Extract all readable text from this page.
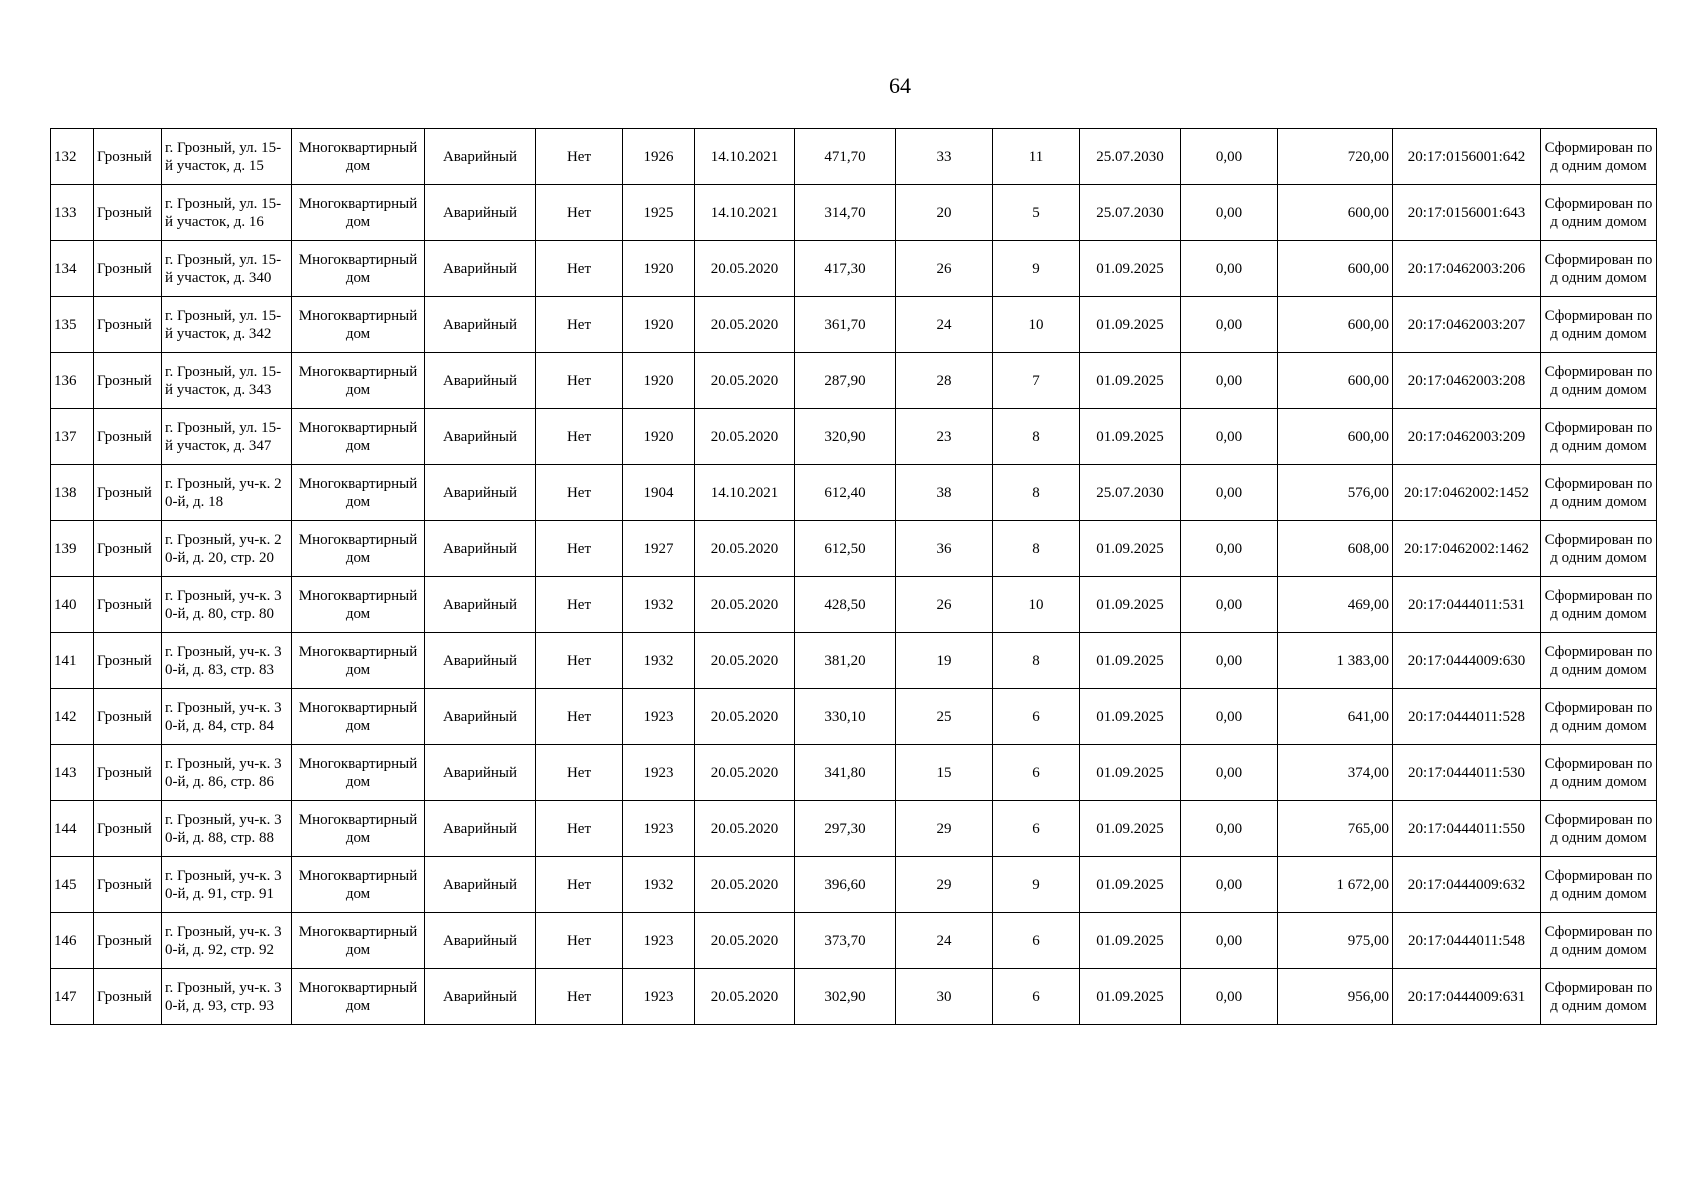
64
132	Грозный	г. Грозный, ул. 15-й участок, д. 15	Многоквартирный дом	Аварийный	Нет	1926	14.10.2021	471,70	33	11	25.07.2030	0,00	720,00	20:17:0156001:642	Сформирован под одним домом
133	Грозный	г. Грозный, ул. 15-й участок, д. 16	Многоквартирный дом	Аварийный	Нет	1925	14.10.2021	314,70	20	5	25.07.2030	0,00	600,00	20:17:0156001:643	Сформирован под одним домом
134	Грозный	г. Грозный, ул. 15-й участок, д. 340	Многоквартирный дом	Аварийный	Нет	1920	20.05.2020	417,30	26	9	01.09.2025	0,00	600,00	20:17:0462003:206	Сформирован под одним домом
135	Грозный	г. Грозный, ул. 15-й участок, д. 342	Многоквартирный дом	Аварийный	Нет	1920	20.05.2020	361,70	24	10	01.09.2025	0,00	600,00	20:17:0462003:207	Сформирован под одним домом
136	Грозный	г. Грозный, ул. 15-й участок, д. 343	Многоквартирный дом	Аварийный	Нет	1920	20.05.2020	287,90	28	7	01.09.2025	0,00	600,00	20:17:0462003:208	Сформирован под одним домом
137	Грозный	г. Грозный, ул. 15-й участок, д. 347	Многоквартирный дом	Аварийный	Нет	1920	20.05.2020	320,90	23	8	01.09.2025	0,00	600,00	20:17:0462003:209	Сформирован под одним домом
138	Грозный	г. Грозный, уч-к. 20-й, д. 18	Многоквартирный дом	Аварийный	Нет	1904	14.10.2021	612,40	38	8	25.07.2030	0,00	576,00	20:17:0462002:1452	Сформирован под одним домом
139	Грозный	г. Грозный, уч-к. 20-й, д. 20, стр. 20	Многоквартирный дом	Аварийный	Нет	1927	20.05.2020	612,50	36	8	01.09.2025	0,00	608,00	20:17:0462002:1462	Сформирован под одним домом
140	Грозный	г. Грозный, уч-к. 30-й, д. 80, стр. 80	Многоквартирный дом	Аварийный	Нет	1932	20.05.2020	428,50	26	10	01.09.2025	0,00	469,00	20:17:0444011:531	Сформирован под одним домом
141	Грозный	г. Грозный, уч-к. 30-й, д. 83, стр. 83	Многоквартирный дом	Аварийный	Нет	1932	20.05.2020	381,20	19	8	01.09.2025	0,00	1 383,00	20:17:0444009:630	Сформирован под одним домом
142	Грозный	г. Грозный, уч-к. 30-й, д. 84, стр. 84	Многоквартирный дом	Аварийный	Нет	1923	20.05.2020	330,10	25	6	01.09.2025	0,00	641,00	20:17:0444011:528	Сформирован под одним домом
143	Грозный	г. Грозный, уч-к. 30-й, д. 86, стр. 86	Многоквартирный дом	Аварийный	Нет	1923	20.05.2020	341,80	15	6	01.09.2025	0,00	374,00	20:17:0444011:530	Сформирован под одним домом
144	Грозный	г. Грозный, уч-к. 30-й, д. 88, стр. 88	Многоквартирный дом	Аварийный	Нет	1923	20.05.2020	297,30	29	6	01.09.2025	0,00	765,00	20:17:0444011:550	Сформирован под одним домом
145	Грозный	г. Грозный, уч-к. 30-й, д. 91, стр. 91	Многоквартирный дом	Аварийный	Нет	1932	20.05.2020	396,60	29	9	01.09.2025	0,00	1 672,00	20:17:0444009:632	Сформирован под одним домом
146	Грозный	г. Грозный, уч-к. 30-й, д. 92, стр. 92	Многоквартирный дом	Аварийный	Нет	1923	20.05.2020	373,70	24	6	01.09.2025	0,00	975,00	20:17:0444011:548	Сформирован под одним домом
147	Грозный	г. Грозный, уч-к. 30-й, д. 93, стр. 93	Многоквартирный дом	Аварийный	Нет	1923	20.05.2020	302,90	30	6	01.09.2025	0,00	956,00	20:17:0444009:631	Сформирован под одним домом
